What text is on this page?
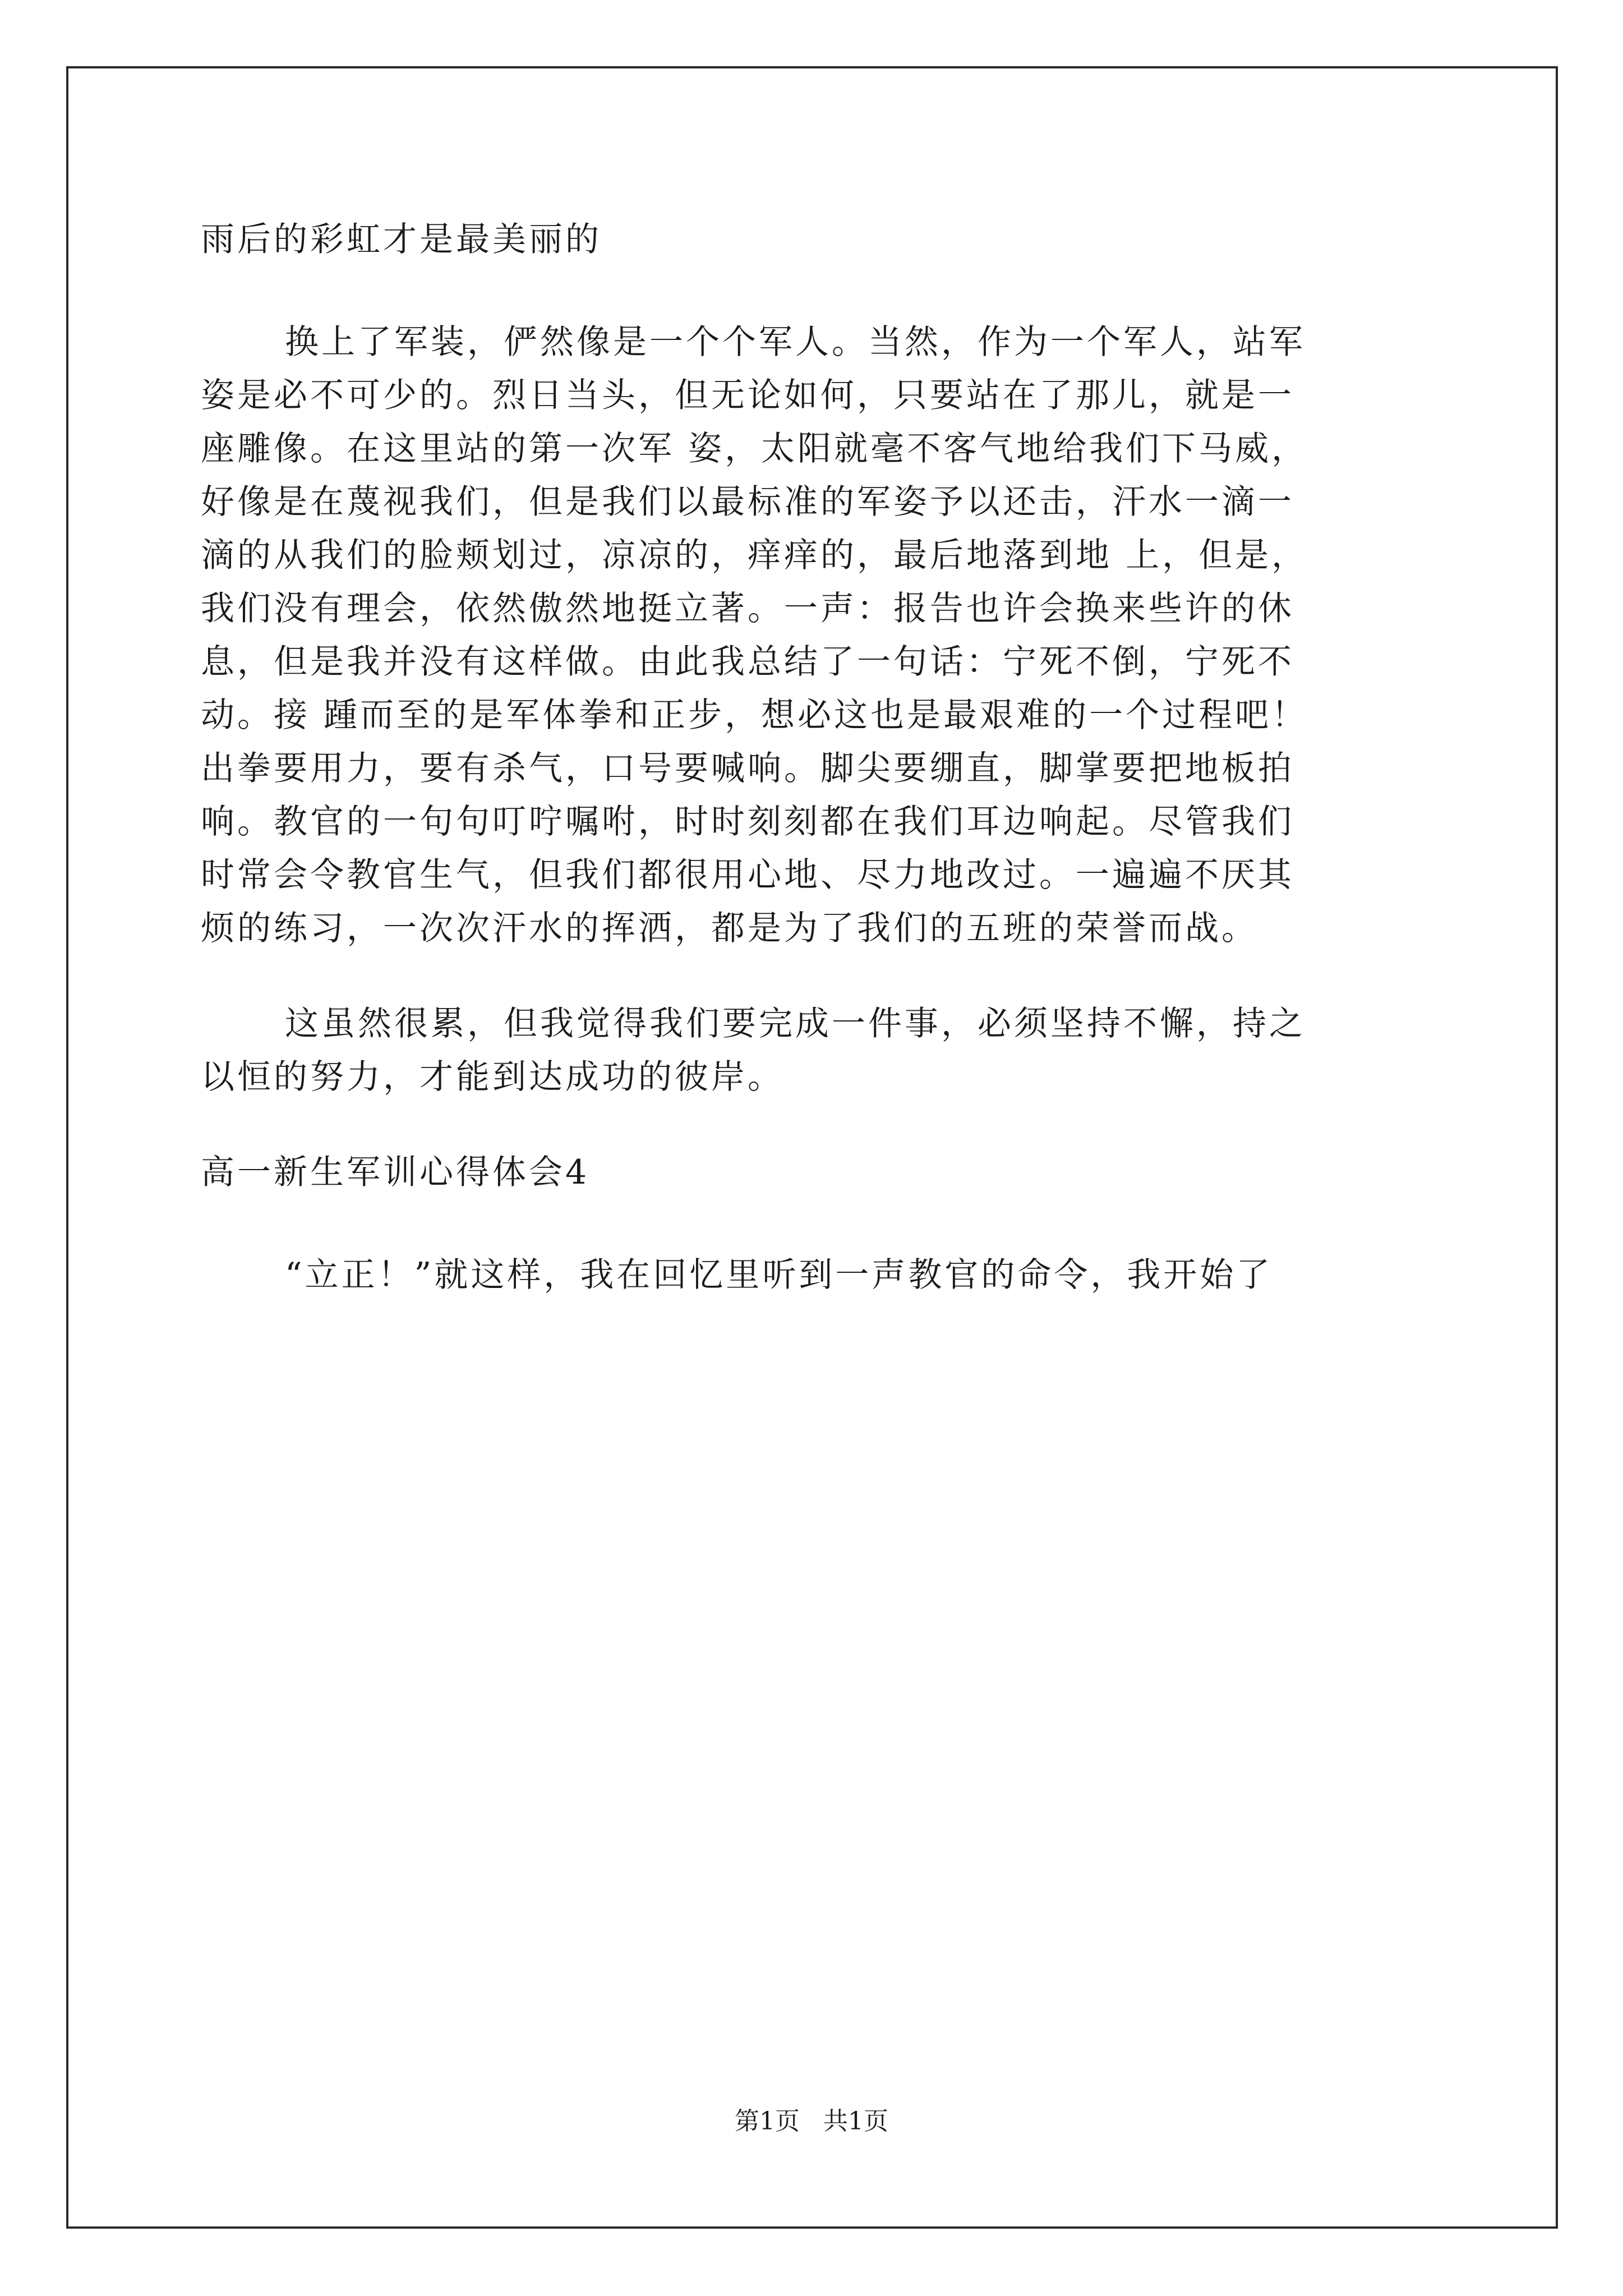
雨后的彩虹才是最美丽的
换上了军装，俨然像是一个个军人。当然，作为一个军人，站军
姿是必不可少的。烈日当头，但无论如何，只要站在了那儿，就是一
座雕像。在这里站的第一次军 姿，太阳就毫不客气地给我们下马威，
好像是在蔑视我们，但是我们以最标准的军姿予以还击，汗水一滴一
滴的从我们的脸颊划过，凉凉的，痒痒的，最后地落到地 上，但是，
我们没有理会，依然傲然地挺立著。一声：报告也许会换来些许的休
息，但是我并没有这样做。由此我总结了一句话：宁死不倒，宁死不
动。接 踵而至的是军体拳和正步，想必这也是最艰难的一个过程吧！
出拳要用力，要有杀气，口号要喊响。脚尖要绷直，脚掌要把地板拍
响。教官的一句句叮咛嘱咐，时时刻刻都在我们耳边响起。尽管我们
时常会令教官生气，但我们都很用心地、尽力地改过。一遍遍不厌其
烦的练习，一次次汗水的挥洒，都是为了我们的五班的荣誉而战。
这虽然很累，但我觉得我们要完成一件事，必须坚持不懈，持之
以恒的努力，才能到达成功的彼岸。
高一新生军训心得体会4
“立正！”就这样，我在回忆里听到一声教官的命令，我开始了
第1页   共1页
